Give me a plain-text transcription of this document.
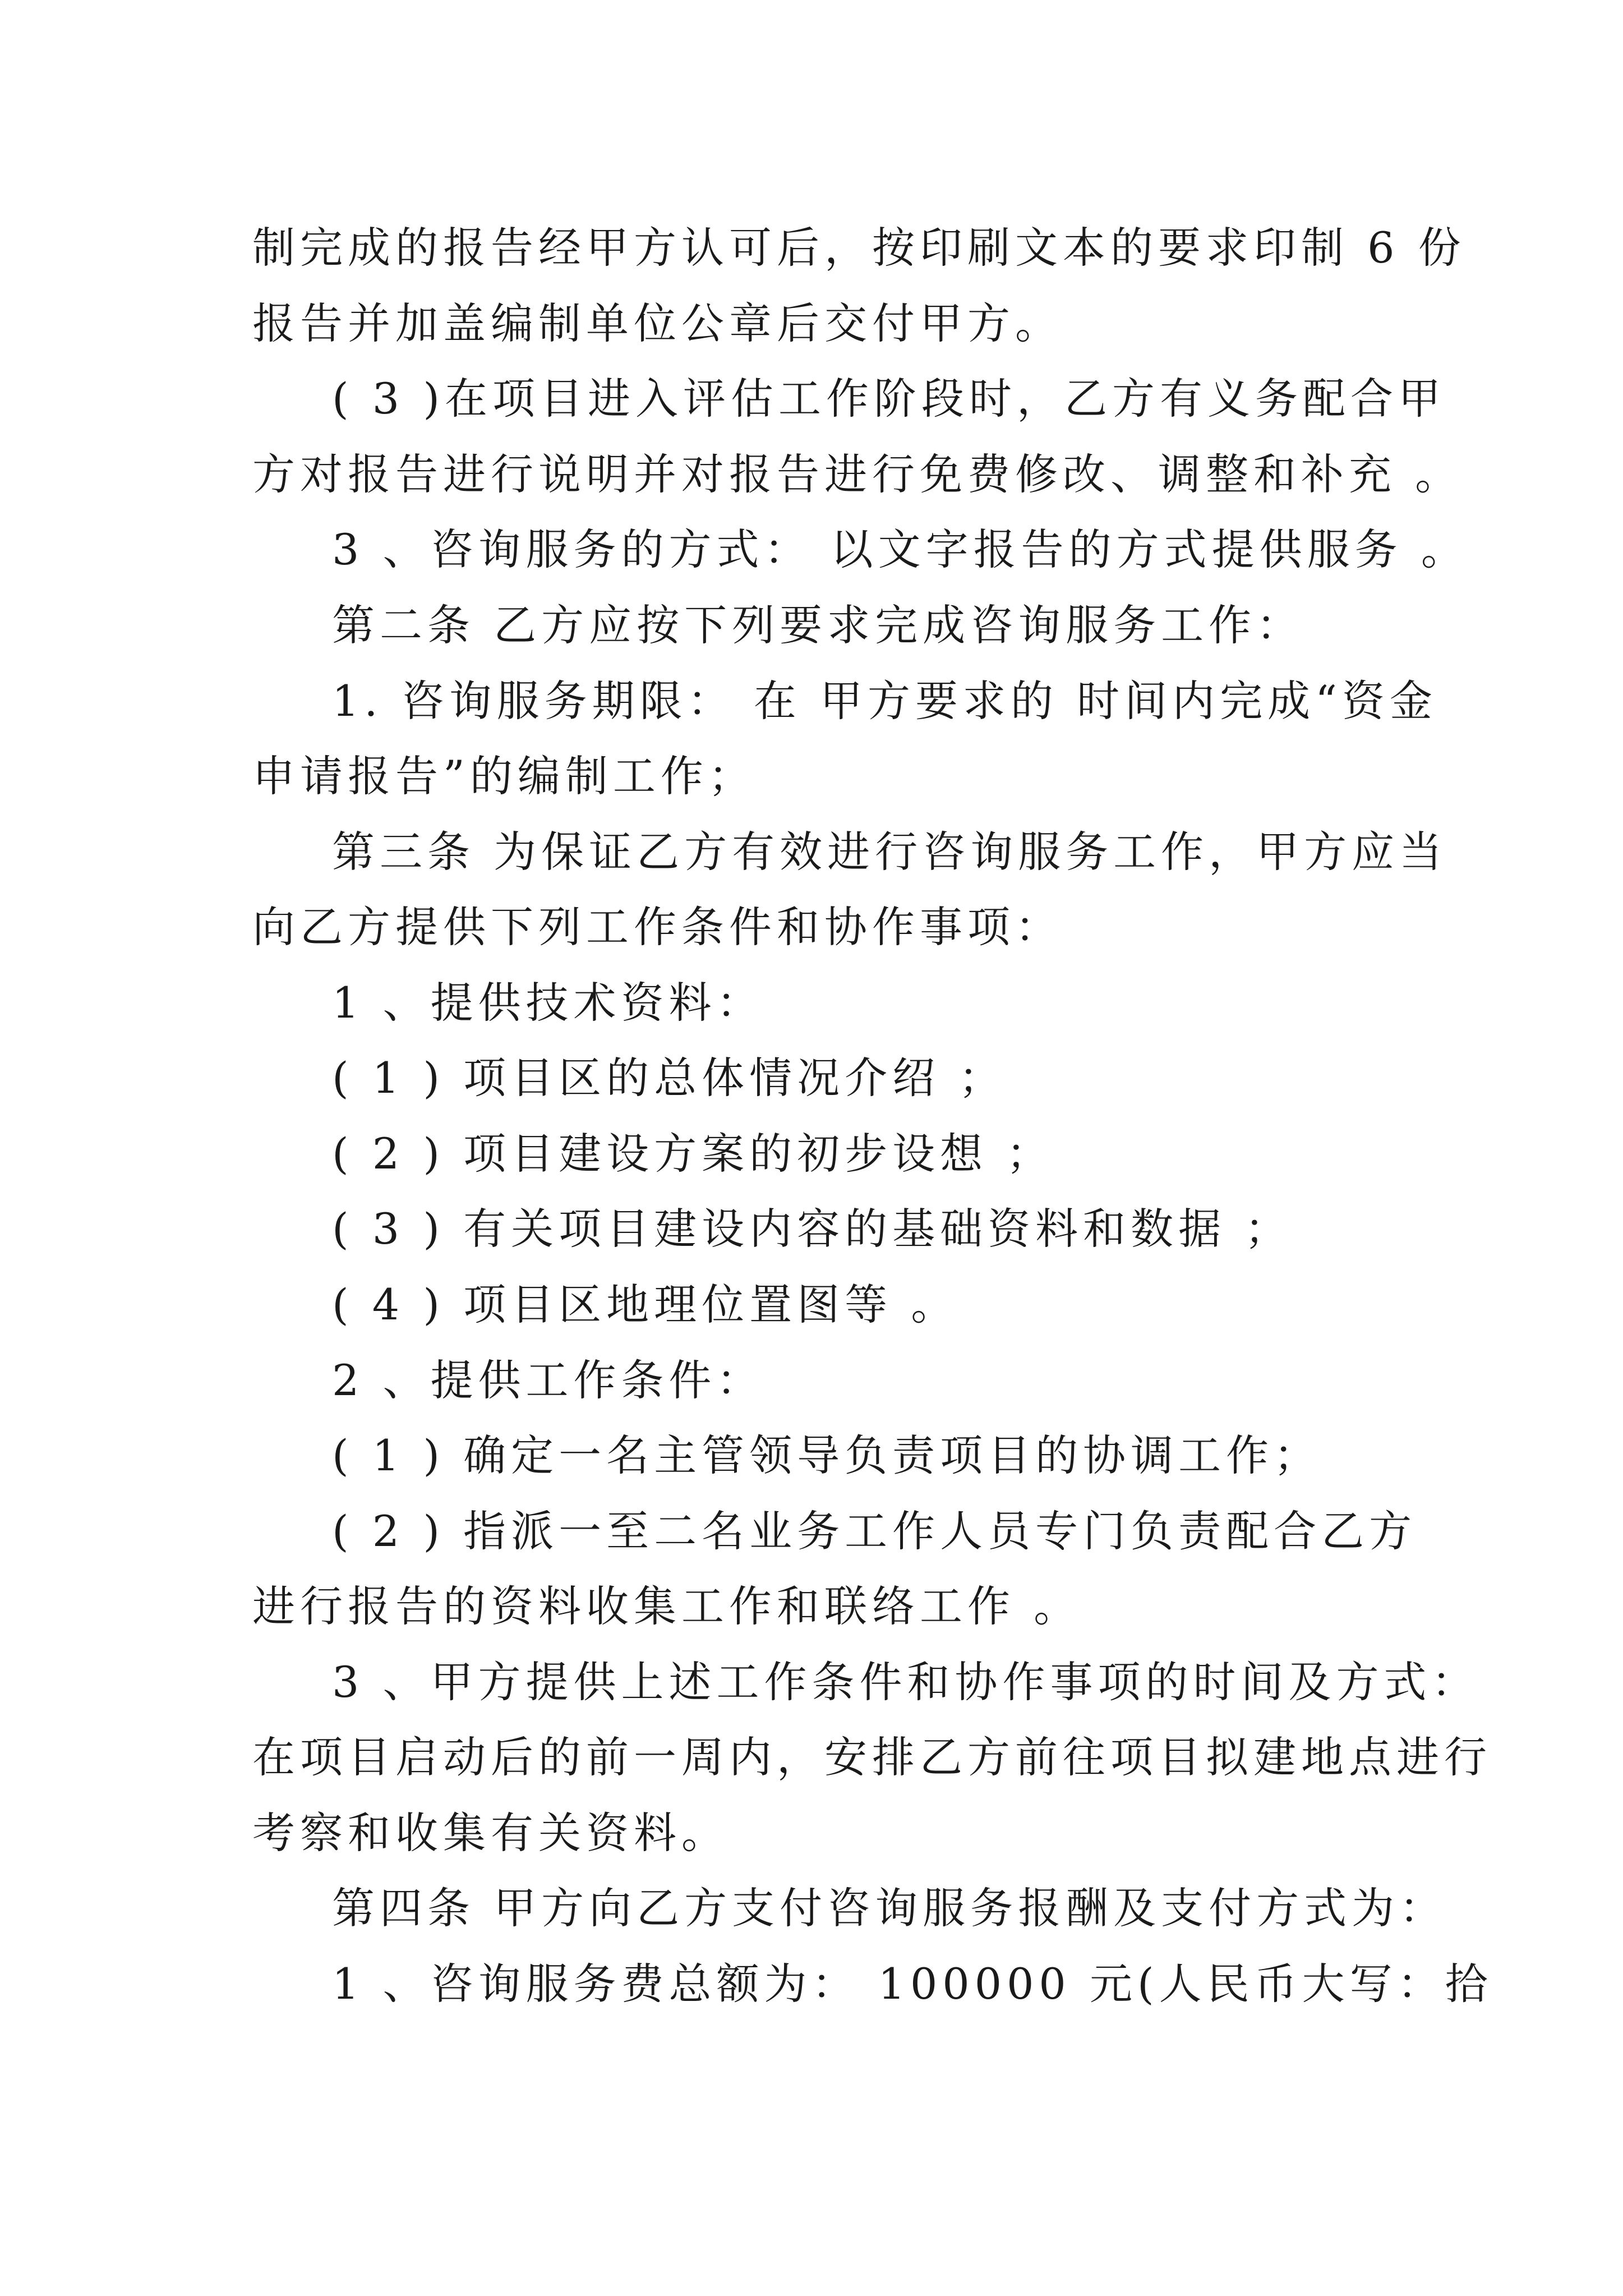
制完成的报告经甲方认可后，按印刷文本的要求印制 6 份
报告并加盖编制单位公章后交付甲方。
( 3 )在项目进入评估工作阶段时，乙方有义务配合甲
方对报告进行说明并对报告进行免费修改、调整和补充 。
3 、咨询服务的方式： 以文字报告的方式提供服务 。
第二条 乙方应按下列要求完成咨询服务工作：
1. 咨询服务期限： 在 甲方要求的 时间内完成“资金
申请报告”的编制工作；
第三条 为保证乙方有效进行咨询服务工作，甲方应当
向乙方提供下列工作条件和协作事项：
1 、提供技术资料：
( 1 ) 项目区的总体情况介绍 ；
( 2 ) 项目建设方案的初步设想 ；
( 3 ) 有关项目建设内容的基础资料和数据 ；
( 4 ) 项目区地理位置图等 。
2 、提供工作条件：
( 1 ) 确定一名主管领导负责项目的协调工作；
( 2 ) 指派一至二名业务工作人员专门负责配合乙方
进行报告的资料收集工作和联络工作 。
3 、甲方提供上述工作条件和协作事项的时间及方式：
在项目启动后的前一周内，安排乙方前往项目拟建地点进行
考察和收集有关资料。
第四条 甲方向乙方支付咨询服务报酬及支付方式为：
1 、咨询服务费总额为： 100000 元(人民币大写：拾
